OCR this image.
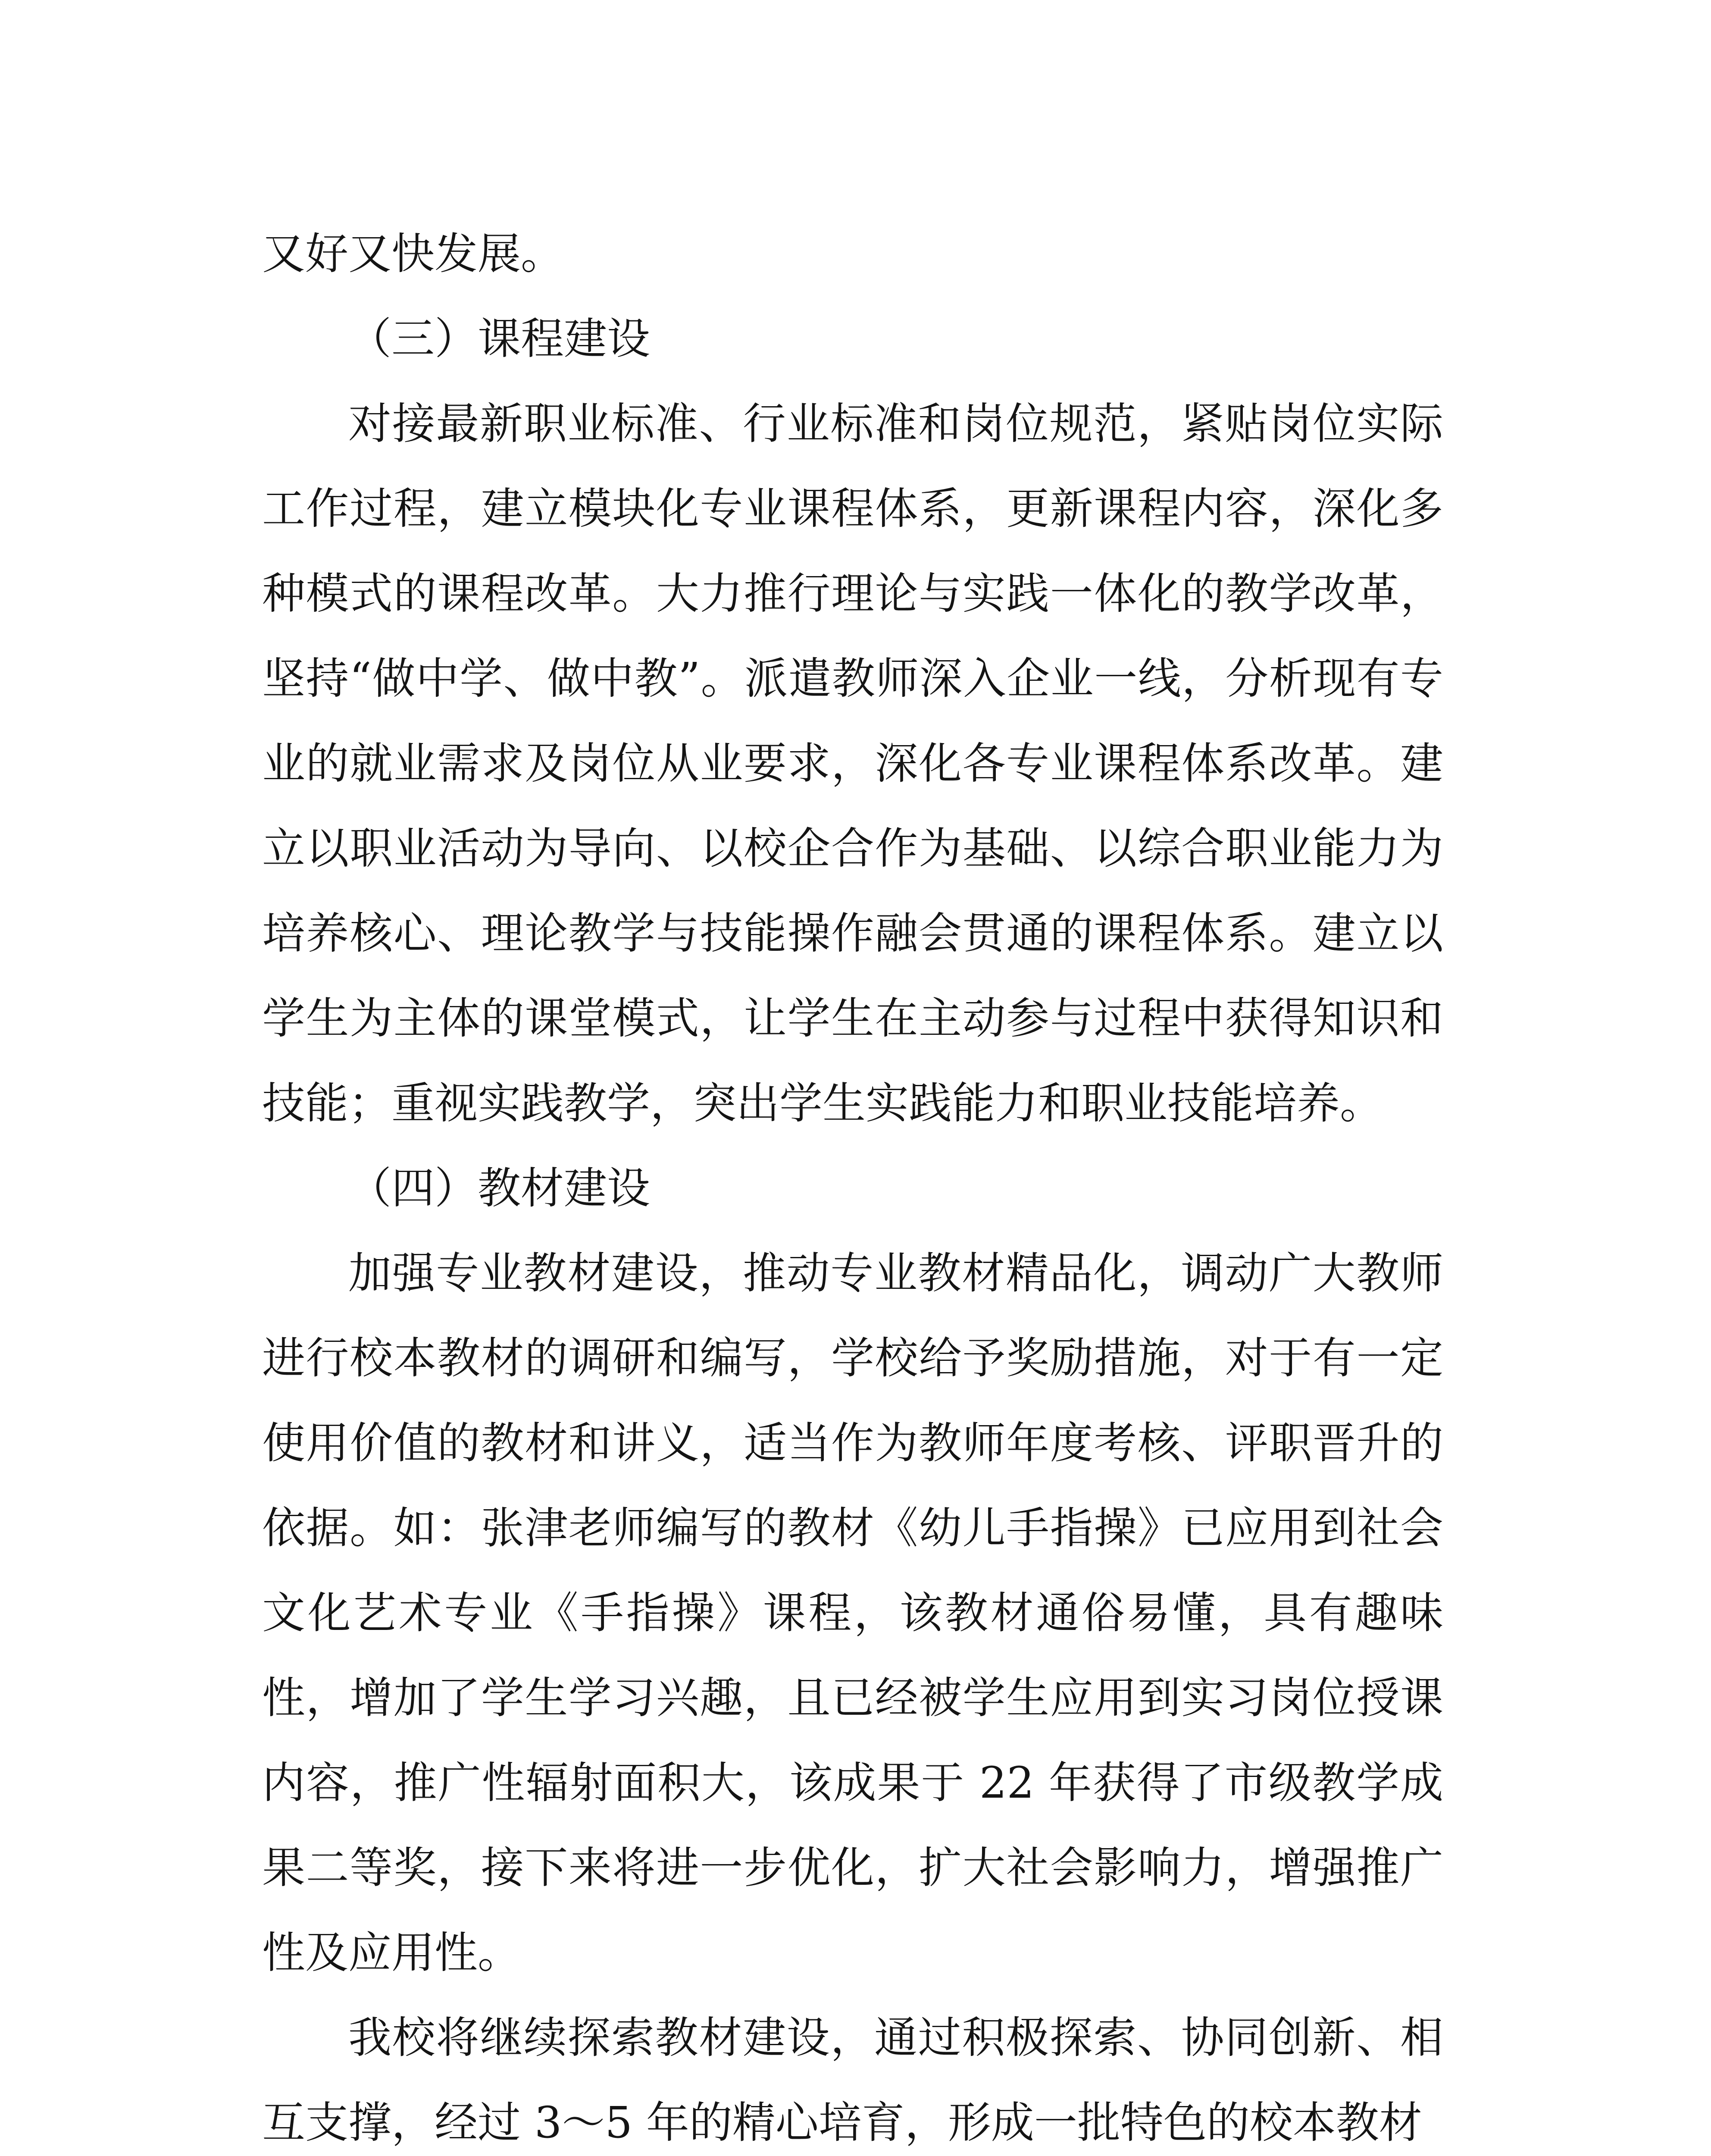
又好又快发展。

（三）课程建设

对接最新职业标准、行业标准和岗位规范，紧贴岗位实际工作过程，建立模块化专业课程体系，更新课程内容，深化多种模式的课程改革。大力推行理论与实践一体化的教学改革，坚持“做中学、做中教”。派遣教师深入企业一线，分析现有专业的就业需求及岗位从业要求，深化各专业课程体系改革。建立以职业活动为导向、以校企合作为基础、以综合职业能力为培养核心、理论教学与技能操作融会贯通的课程体系。建立以学生为主体的课堂模式，让学生在主动参与过程中获得知识和技能；重视实践教学，突出学生实践能力和职业技能培养。

（四）教材建设

加强专业教材建设，推动专业教材精品化，调动广大教师进行校本教材的调研和编写，学校给予奖励措施，对于有一定使用价值的教材和讲义，适当作为教师年度考核、评职晋升的依据。如：张津老师编写的教材《幼儿手指操》已应用到社会文化艺术专业《手指操》课程，该教材通俗易懂，具有趣味性，增加了学生学习兴趣，且已经被学生应用到实习岗位授课内容，推广性辐射面积大，该成果于 22 年获得了市级教学成果二等奖，接下来将进一步优化，扩大社会影响力，增强推广性及应用性。

我校将继续探索教材建设，通过积极探索、协同创新、相互支撑，经过 3～5 年的精心培育，形成一批特色的校本教材
